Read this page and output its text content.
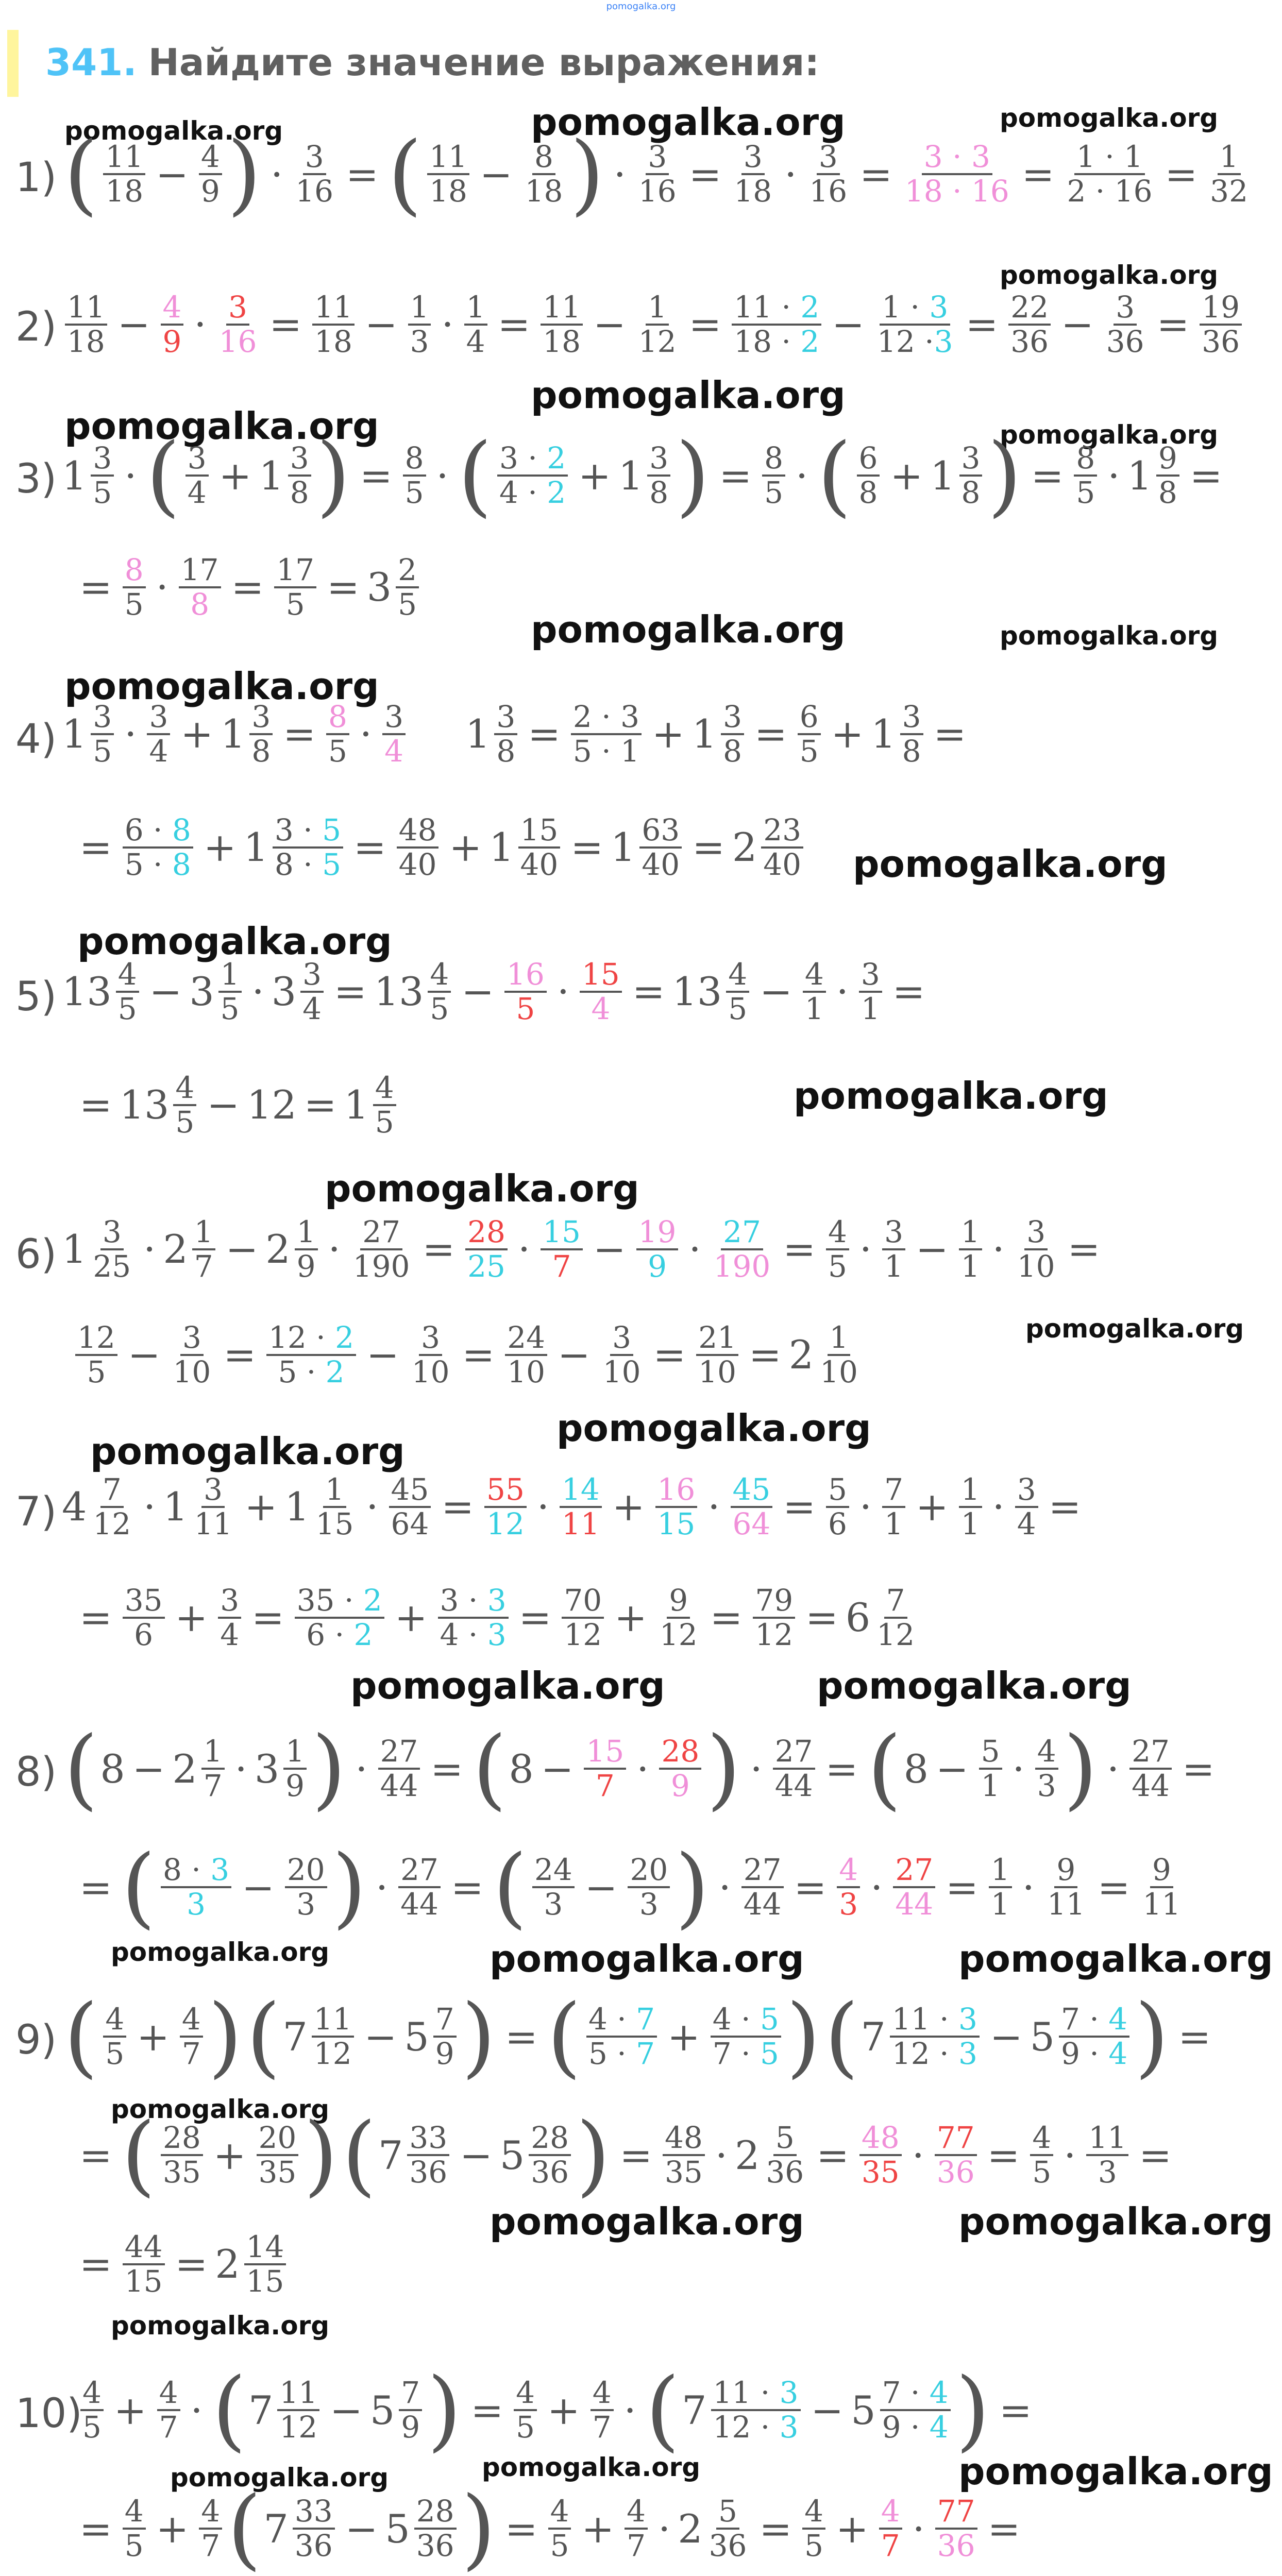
pomogalka.org
341. Найдите значение выражения:
pomogalka.org	pomogalka.org	pomogalka.org
pomogalka.org
pomogalka.org
pomogalka.org	pomogalka.org
pomogalka.org	pomogalka.org
pomogalka.org
pomogalka.org
pomogalka.org
pomogalka.org
pomogalka.org
pomogalka.org
pomogalka.org
pomogalka.org
pomogalka.org	pomogalka.org
pomogalka.org	pomogalka.org	pomogalka.org
pomogalka.org
pomogalka.org	pomogalka.org
pomogalka.org
pomogalka.org
pomogalka.org	pomogalka.org
1)
2)
3)
4)
5)
6)
7)
8)
9)
10)
( $\frac{11}{18} - \frac{4}{9}$ ) · $\frac{3}{16}$ = ( $\frac{11}{18} - \frac{8}{18}$ ) · $\frac{3}{16} = \frac{3}{18} \cdot \frac{3}{16} = \frac{3 \cdot 3}{18 \cdot 16} = \frac{1 \cdot 1}{2 \cdot 16} = \frac{1}{32}$
$\frac{11}{18} - \frac{4}{9} \cdot \frac{3}{16} = \frac{11}{18} - \frac{1}{3} \cdot \frac{1}{4} = \frac{11}{18} - \frac{1}{12} = \frac{11 \cdot 2}{18 \cdot 2} - \frac{1 \cdot 3}{12 \cdot 3} = \frac{22}{36} - \frac{3}{36} = \frac{19}{36}$
$1 \frac{3}{5}$ · ( $\frac{3}{4} + 1 \frac{3}{8}$ ) = $\frac{8}{5}$ · ( $\frac{3 \cdot 2}{4 \cdot 2} + 1 \frac{3}{8}$ ) = $\frac{8}{5}$ · ( $\frac{6}{8} + 1 \frac{3}{8}$ ) = $\frac{8}{5} \cdot 1 \frac{9}{8}$ =
= $\frac{8}{5} \cdot \frac{17}{8} = \frac{17}{5} = 3 \frac{2}{5}$
$1 \frac{3}{5} \cdot \frac{3}{4} + 1 \frac{3}{8} = \frac{8}{5} \cdot \frac{3}{4} 1 \frac{3}{8} = \frac{2 \cdot 3}{5 \cdot 1} + 1 \frac{3}{8} = \frac{6}{5} + 1 \frac{3}{8}$ =
= $\frac{6 \cdot 8}{5 \cdot 8} + 1 \frac{3 \cdot 5}{8 \cdot 5} = \frac{48}{40} + 1 \frac{15}{40} = 1 \frac{63}{40} = 2 \frac{23}{40}$
$13 \frac{4}{5} - 3 \frac{1}{5} \cdot 3 \frac{3}{4} = 13 \frac{4}{5} - \frac{16}{5} \cdot \frac{15}{4} = 13 \frac{4}{5} - \frac{4}{1} \cdot \frac{3}{1}$ =
= $13 \frac{4}{5} - 12 = 1 \frac{4}{5}$
$1 \frac{3}{25} \cdot 2 \frac{1}{7} - 2 \frac{1}{9} \cdot \frac{27}{190} = \frac{28}{25} \cdot \frac{15}{7} - \frac{19}{9} \cdot \frac{27}{190} = \frac{4}{5} \cdot \frac{3}{1} - \frac{1}{1} \cdot \frac{3}{10}$ =
$\frac{12}{5} - \frac{3}{10} = \frac{12 \cdot 2}{5 \cdot 2} - \frac{3}{10} = \frac{24}{10} - \frac{3}{10} = \frac{21}{10} = 2 \frac{1}{10}$
$4 \frac{7}{12} \cdot 1 \frac{3}{11} + 1 \frac{1}{15} \cdot \frac{45}{64} = \frac{55}{12} \cdot \frac{14}{11} + \frac{16}{15} \cdot \frac{45}{64} = \frac{5}{6} \cdot \frac{7}{1} + \frac{1}{1} \cdot \frac{3}{4}$ =
= $\frac{35}{6} + \frac{3}{4} = \frac{35 \cdot 2}{6 \cdot 2} + \frac{3 \cdot 3}{4 \cdot 3} = \frac{70}{12} + \frac{9}{12} = \frac{79}{12} = 6 \frac{7}{12}$
( $8 - 2 \frac{1}{7} \cdot 3 \frac{1}{9}$ ) · $\frac{27}{44}$ = ( $8 - \frac{15}{7} \cdot \frac{28}{9}$ ) · $\frac{27}{44}$ = ( $8 - \frac{5}{1} \cdot \frac{4}{3}$ ) · $\frac{27}{44}$ =
= ( $\frac{8 \cdot 3}{3} - \frac{20}{3}$ ) · $\frac{27}{44}$ = ( $\frac{24}{3} - \frac{20}{3}$ ) · $\frac{27}{44} = \frac{4}{3} \cdot \frac{27}{44} = \frac{1}{1} \cdot \frac{9}{11} = \frac{9}{11}$
( $\frac{4}{5} + \frac{4}{7}$ ) ( $7 \frac{11}{12} - 5 \frac{7}{9}$ ) = ( $\frac{4 \cdot 7}{5 \cdot 7} + \frac{4 \cdot 5}{7 \cdot 5}$ ) ( $7 \frac{11 \cdot 3}{12 \cdot 3} - 5 \frac{7 \cdot 4}{9 \cdot 4}$ ) =
= ( $\frac{28}{35} + \frac{20}{35}$ ) ( $7 \frac{33}{36} - 5 \frac{28}{36}$ ) = $\frac{48}{35} \cdot 2 \frac{5}{36} = \frac{48}{35} \cdot \frac{77}{36} = \frac{4}{5} \cdot \frac{11}{3}$ =
= $\frac{44}{15} = 2 \frac{14}{15}$
$\frac{4}{5} + \frac{4}{7}$ · ( $7 \frac{11}{12} - 5 \frac{7}{9}$ ) = $\frac{4}{5} + \frac{4}{7}$ · ( $7 \frac{11 \cdot 3}{12 \cdot 3} - 5 \frac{7 \cdot 4}{9 \cdot 4}$ ) =
= $\frac{4}{5} + \frac{4}{7}$ ( $7 \frac{33}{36} - 5 \frac{28}{36}$ ) = $\frac{4}{5} + \frac{4}{7} \cdot 2 \frac{5}{36} = \frac{4}{5} + \frac{4}{7} \cdot \frac{77}{36}$ =
